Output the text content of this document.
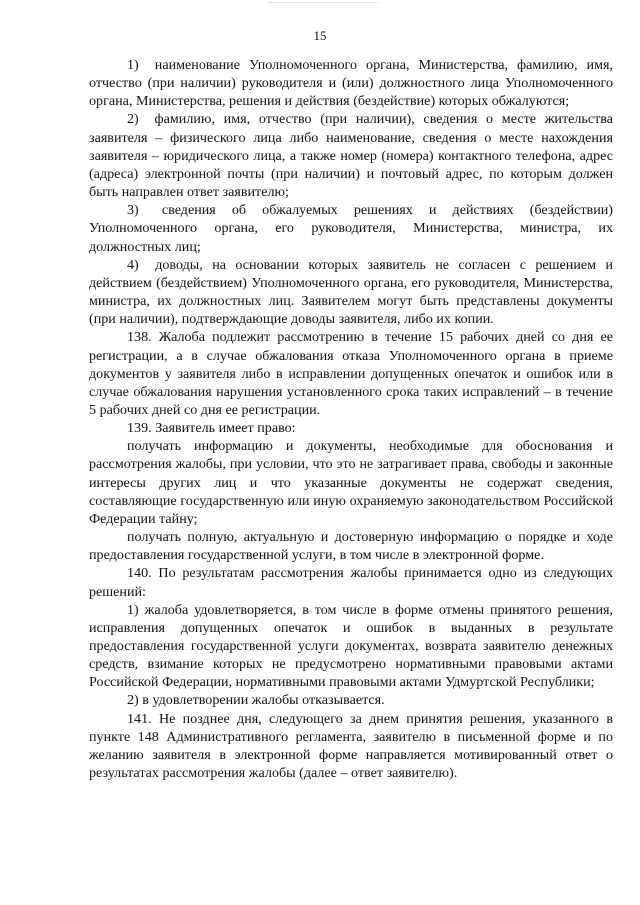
15

1)  наименование Уполномоченного органа, Министерства, фамилию, имя, отчество (при наличии) руководителя и (или) должностного лица Уполномоченного органа, Министерства, решения и действия (бездействие) которых обжалуются;

2)  фамилию, имя, отчество (при наличии), сведения о месте жительства заявителя – физического лица либо наименование, сведения о месте нахождения заявителя – юридического лица, а также номер (номера) контактного телефона, адрес (адреса) электронной почты (при наличии) и почтовый адрес, по которым должен быть направлен ответ заявителю;

3)  сведения об обжалуемых решениях и действиях (бездействии) Уполномоченного органа, его руководителя, Министерства, министра, их должностных лиц;

4)  доводы, на основании которых заявитель не согласен с решением и действием (бездействием) Уполномоченного органа, его руководителя, Министерства, министра, их должностных лиц. Заявителем могут быть представлены документы (при наличии), подтверждающие доводы заявителя, либо их копии.

138. Жалоба подлежит рассмотрению в течение 15 рабочих дней со дня ее регистрации, а в случае обжалования отказа Уполномоченного органа в приеме документов у заявителя либо в исправлении допущенных опечаток и ошибок или в случае обжалования нарушения установленного срока таких исправлений – в течение 5 рабочих дней со дня ее регистрации.

139. Заявитель имеет право:

получать информацию и документы, необходимые для обоснования и рассмотрения жалобы, при условии, что это не затрагивает права, свободы и законные интересы других лиц и что указанные документы не содержат сведения, составляющие государственную или иную охраняемую законодательством Российской Федерации тайну;

получать полную, актуальную и достоверную информацию о порядке и ходе предоставления государственной услуги, в том числе в электронной форме.

140. По результатам рассмотрения жалобы принимается одно из следующих решений:

1) жалоба удовлетворяется, в том числе в форме отмены принятого решения, исправления допущенных опечаток и ошибок в выданных в результате предоставления государственной услуги документах, возврата заявителю денежных средств, взимание которых не предусмотрено нормативными правовыми актами Российской Федерации, нормативными правовыми актами Удмуртской Республики;

2) в удовлетворении жалобы отказывается.

141. Не позднее дня, следующего за днем принятия решения, указанного в пункте 148 Административного регламента, заявителю в письменной форме и по желанию заявителя в электронной форме направляется мотивированный ответ о результатах рассмотрения жалобы (далее – ответ заявителю).
